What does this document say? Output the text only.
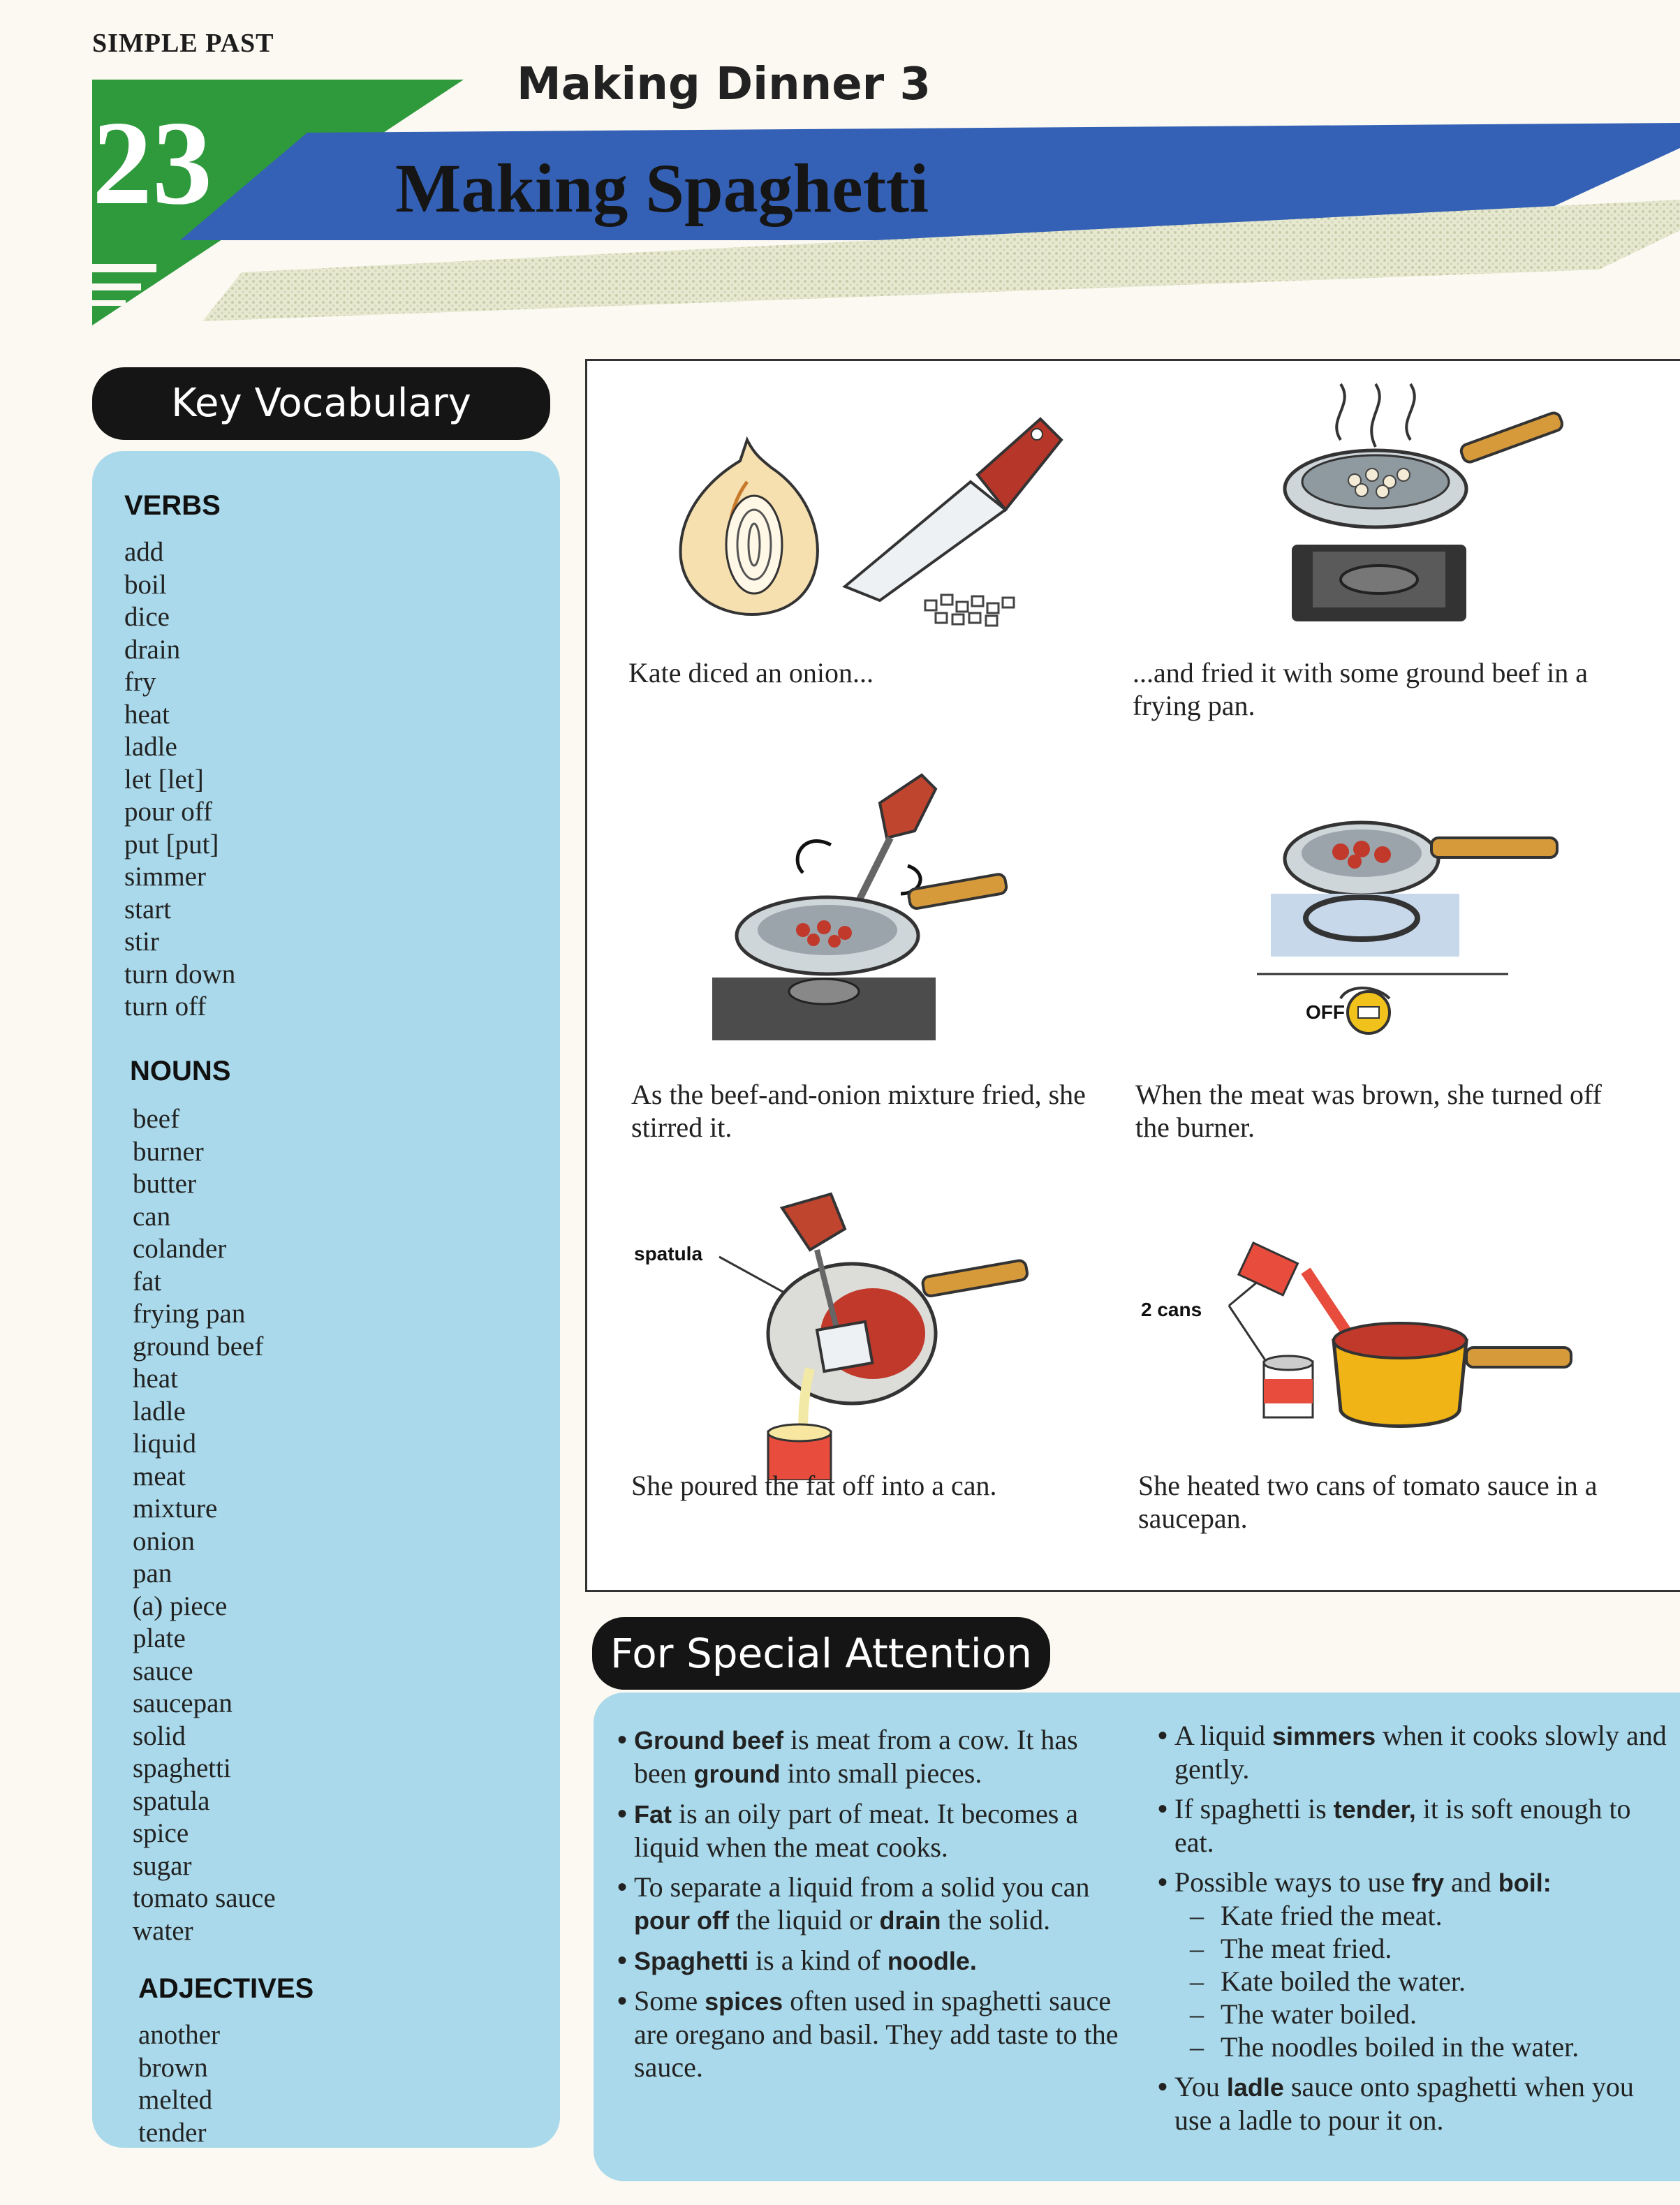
SIMPLE PAST
23
Making Dinner 3
Making Spaghetti
Key Vocabulary
VERBS
add
boil
dice
drain
fry
heat
ladle
let [let]
pour off
put [put]
simmer
start
stir
turn down
turn off
NOUNS
beef
burner
butter
can
colander
fat
frying pan
ground beef
heat
ladle
liquid
meat
mixture
onion
pan
(a) piece
plate
sauce
saucepan
solid
spaghetti
spatula
spice
sugar
tomato sauce
water
ADJECTIVES
another
brown
melted
tender
Kate diced an onion...	...and fried it with some ground beef in a frying pan.
As the beef-and-onion mixture fried, she stirred it.
OFF
When the meat was brown, she turned off the burner.
spatula
She poured the fat off into a can.
2 cans
She heated two cans of tomato sauce in a saucepan.
For Special Attention
• Ground beef is meat from a cow. It has been ground into small pieces.
• Fat is an oily part of meat. It becomes a liquid when the meat cooks.
• To separate a liquid from a solid you can pour off the liquid or drain the solid.
• Spaghetti is a kind of noodle.
• Some spices often used in spaghetti sauce are oregano and basil. They add taste to the sauce.
• A liquid simmers when it cooks slowly and gently.
• If spaghetti is tender, it is soft enough to eat.
• Possible ways to use fry and boil:
– Kate fried the meat.
– The meat fried.
– Kate boiled the water.
– The water boiled.
– The noodles boiled in the water.
• You ladle sauce onto spaghetti when you use a ladle to pour it on.
